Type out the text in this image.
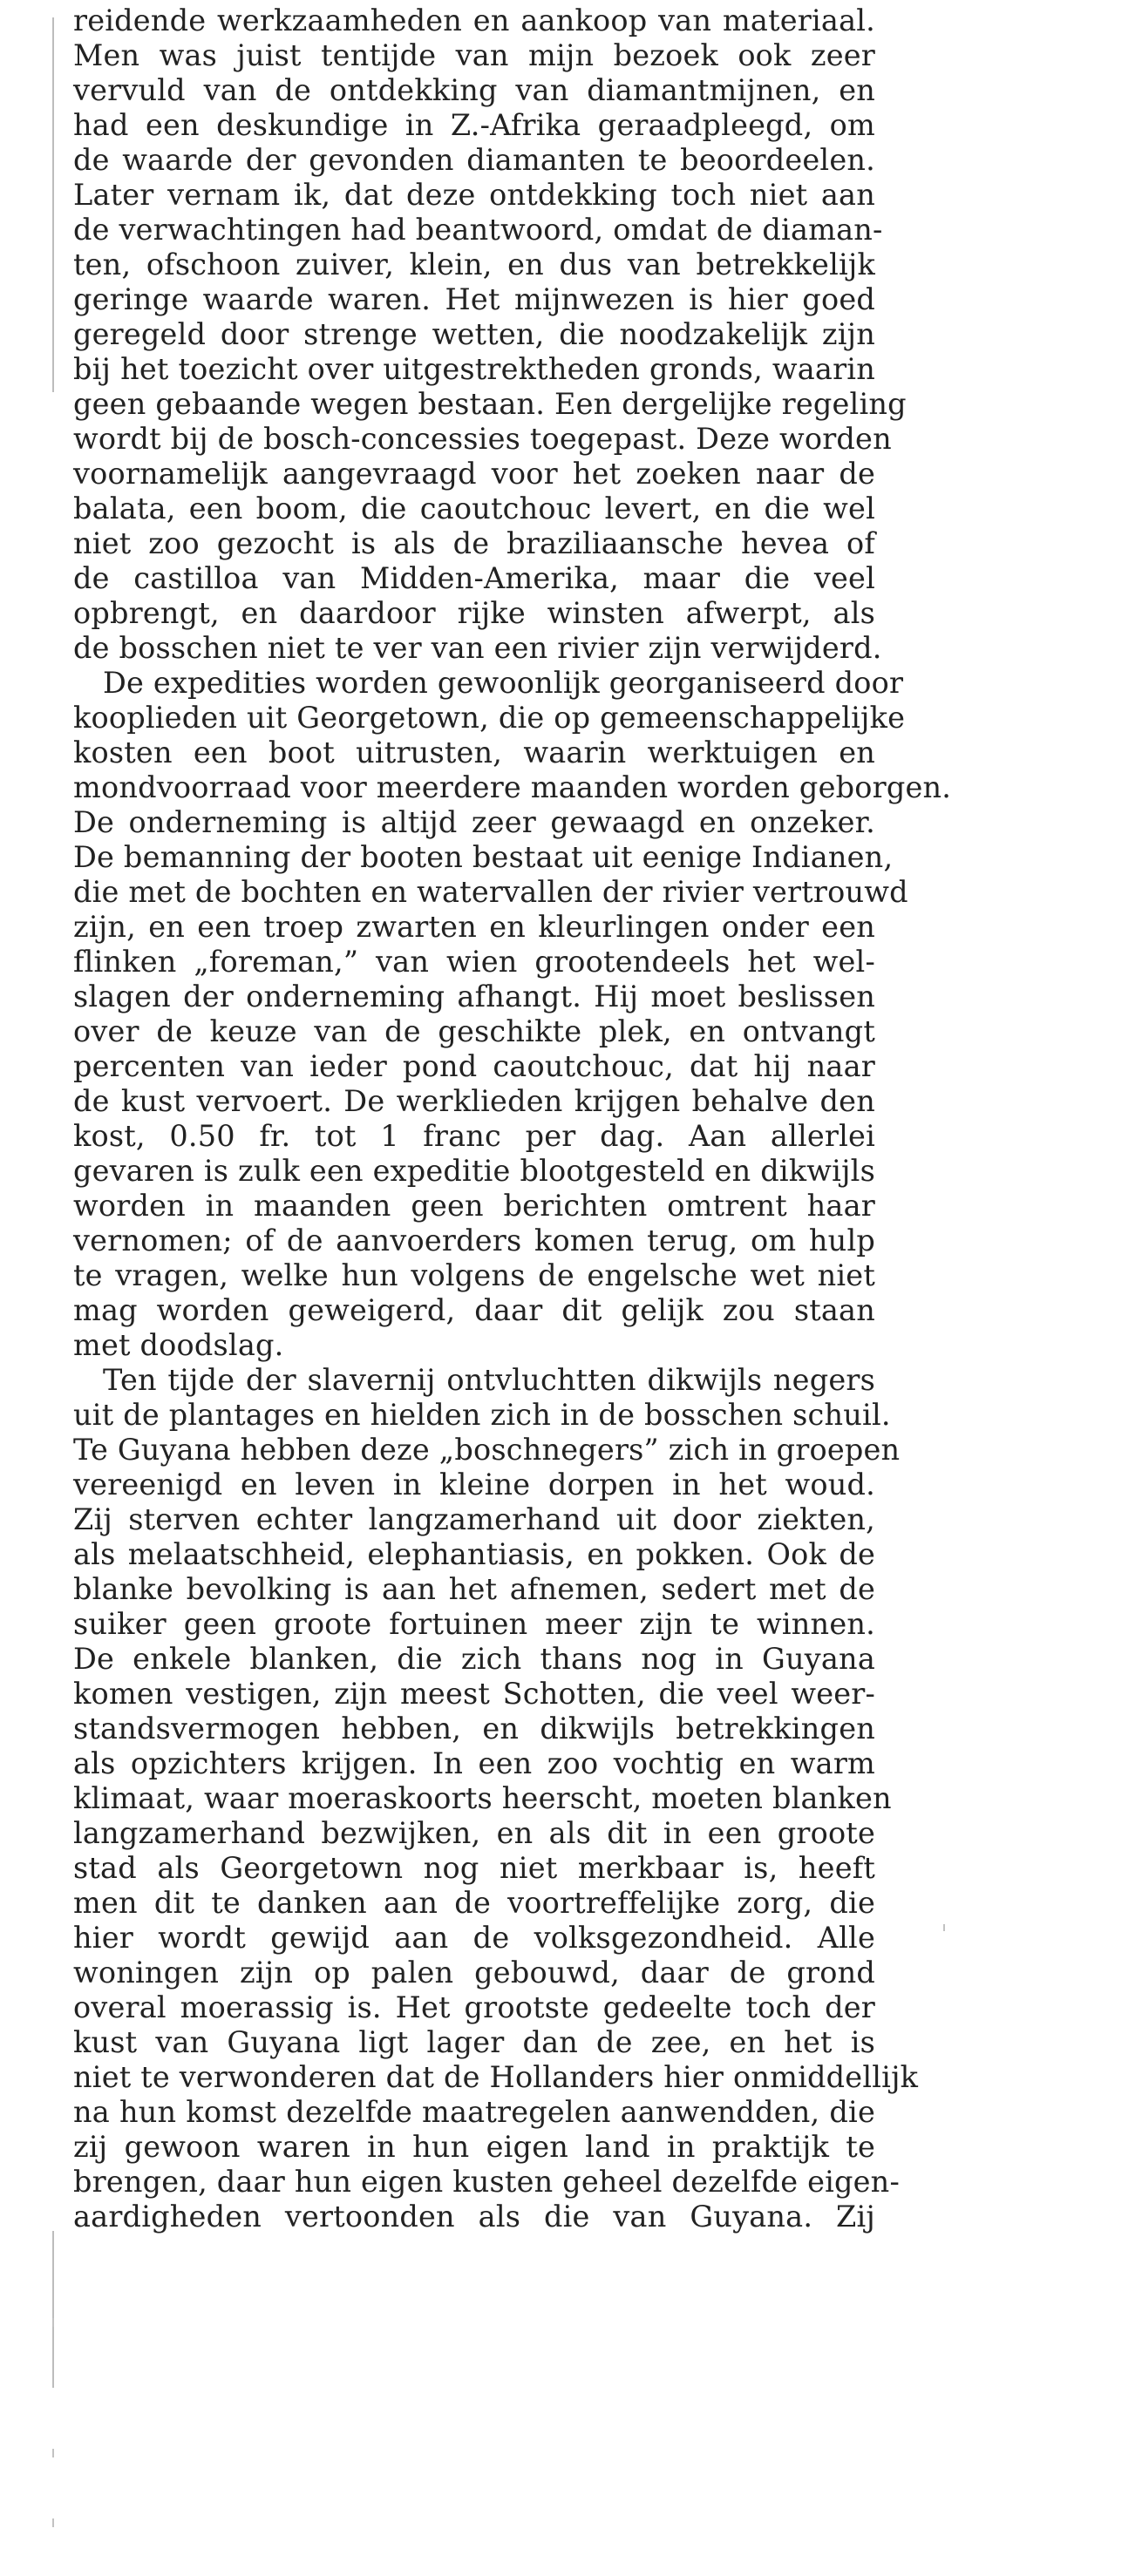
reidende werkzaamheden en aankoop van materiaal.
Men was juist tentijde van mijn bezoek ook zeer
vervuld van de ontdekking van diamantmijnen, en
had een deskundige in Z.-Afrika geraadpleegd, om
de waarde der gevonden diamanten te beoordeelen.
Later vernam ik, dat deze ontdekking toch niet aan
de verwachtingen had beantwoord, omdat de diaman-
ten, ofschoon zuiver, klein, en dus van betrekkelijk
geringe waarde waren. Het mijnwezen is hier goed
geregeld door strenge wetten, die noodzakelijk zijn
bij het toezicht over uitgestrektheden gronds, waarin
geen gebaande wegen bestaan. Een dergelijke regeling
wordt bij de bosch-concessies toegepast. Deze worden
voornamelijk aangevraagd voor het zoeken naar de
balata, een boom, die caoutchouc levert, en die wel
niet zoo gezocht is als de braziliaansche hevea of
de castilloa van Midden-Amerika, maar die veel
opbrengt, en daardoor rijke winsten afwerpt, als
de bosschen niet te ver van een rivier zijn verwijderd.
De expedities worden gewoonlijk georganiseerd door
kooplieden uit Georgetown, die op gemeenschappelijke
kosten een boot uitrusten, waarin werktuigen en
mondvoorraad voor meerdere maanden worden geborgen.
De onderneming is altijd zeer gewaagd en onzeker.
De bemanning der booten bestaat uit eenige Indianen,
die met de bochten en watervallen der rivier vertrouwd
zijn, en een troep zwarten en kleurlingen onder een
flinken „foreman,” van wien grootendeels het wel-
slagen der onderneming afhangt. Hij moet beslissen
over de keuze van de geschikte plek, en ontvangt
percenten van ieder pond caoutchouc, dat hij naar
de kust vervoert. De werklieden krijgen behalve den
kost, 0.50 fr. tot 1 franc per dag. Aan allerlei
gevaren is zulk een expeditie blootgesteld en dikwijls
worden in maanden geen berichten omtrent haar
vernomen; of de aanvoerders komen terug, om hulp
te vragen, welke hun volgens de engelsche wet niet
mag worden geweigerd, daar dit gelijk zou staan
met doodslag.
Ten tijde der slavernij ontvluchtten dikwijls negers
uit de plantages en hielden zich in de bosschen schuil.
Te Guyana hebben deze „boschnegers” zich in groepen
vereenigd en leven in kleine dorpen in het woud.
Zij sterven echter langzamerhand uit door ziekten,
als melaatschheid, elephantiasis, en pokken. Ook de
blanke bevolking is aan het afnemen, sedert met de
suiker geen groote fortuinen meer zijn te winnen.
De enkele blanken, die zich thans nog in Guyana
komen vestigen, zijn meest Schotten, die veel weer-
standsvermogen hebben, en dikwijls betrekkingen
als opzichters krijgen. In een zoo vochtig en warm
klimaat, waar moeraskoorts heerscht, moeten blanken
langzamerhand bezwijken, en als dit in een groote
stad als Georgetown nog niet merkbaar is, heeft
men dit te danken aan de voortreffelijke zorg, die
hier wordt gewijd aan de volksgezondheid. Alle
woningen zijn op palen gebouwd, daar de grond
overal moerassig is. Het grootste gedeelte toch der
kust van Guyana ligt lager dan de zee, en het is
niet te verwonderen dat de Hollanders hier onmiddellijk
na hun komst dezelfde maatregelen aanwendden, die
zij gewoon waren in hun eigen land in praktijk te
brengen, daar hun eigen kusten geheel dezelfde eigen-
aardigheden vertoonden als die van Guyana. Zij
